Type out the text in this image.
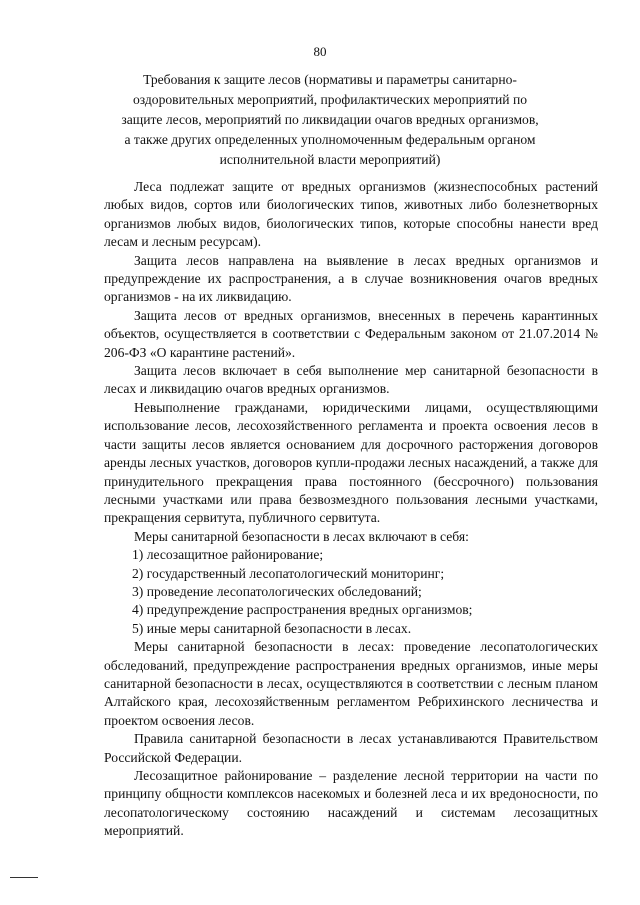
80
Требования к защите лесов (нормативы и параметры санитарно-оздоровительных мероприятий, профилактических мероприятий по защите лесов, мероприятий по ликвидации очагов вредных организмов, а также других определенных уполномоченным федеральным органом исполнительной власти мероприятий)

Леса подлежат защите от вредных организмов (жизнеспособных растений любых видов, сортов или биологических типов, животных либо болезнетворных организмов любых видов, биологических типов, которые способны нанести вред лесам и лесным ресурсам).

Защита лесов направлена на выявление в лесах вредных организмов и предупреждение их распространения, а в случае возникновения очагов вредных организмов - на их ликвидацию.

Защита лесов от вредных организмов, внесенных в перечень карантинных объектов, осуществляется в соответствии с Федеральным законом от 21.07.2014 № 206-ФЗ «О карантине растений».

Защита лесов включает в себя выполнение мер санитарной безопасности в лесах и ликвидацию очагов вредных организмов.

Невыполнение гражданами, юридическими лицами, осуществляющими использование лесов, лесохозяйственного регламента и проекта освоения лесов в части защиты лесов является основанием для досрочного расторжения договоров аренды лесных участков, договоров купли-продажи лесных насаждений, а также для принудительного прекращения права постоянного (бессрочного) пользования лесными участками или права безвозмездного пользования лесными участками, прекращения сервитута, публичного сервитута.

Меры санитарной безопасности в лесах включают в себя:

1) лесозащитное районирование;

2) государственный лесопатологический мониторинг;

3) проведение лесопатологических обследований;

4) предупреждение распространения вредных организмов;

5) иные меры санитарной безопасности в лесах.

Меры санитарной безопасности в лесах: проведение лесопатологических обследований, предупреждение распространения вредных организмов, иные меры санитарной безопасности в лесах, осуществляются в соответствии с лесным планом Алтайского края, лесохозяйственным регламентом Ребрихинского лесничества и проектом освоения лесов.

Правила санитарной безопасности в лесах устанавливаются Правительством Российской Федерации.

Лесозащитное районирование – разделение лесной территории на части по принципу общности комплексов насекомых и болезней леса и их вредоносности, по лесопатологическому состоянию насаждений и системам лесозащитных мероприятий.
